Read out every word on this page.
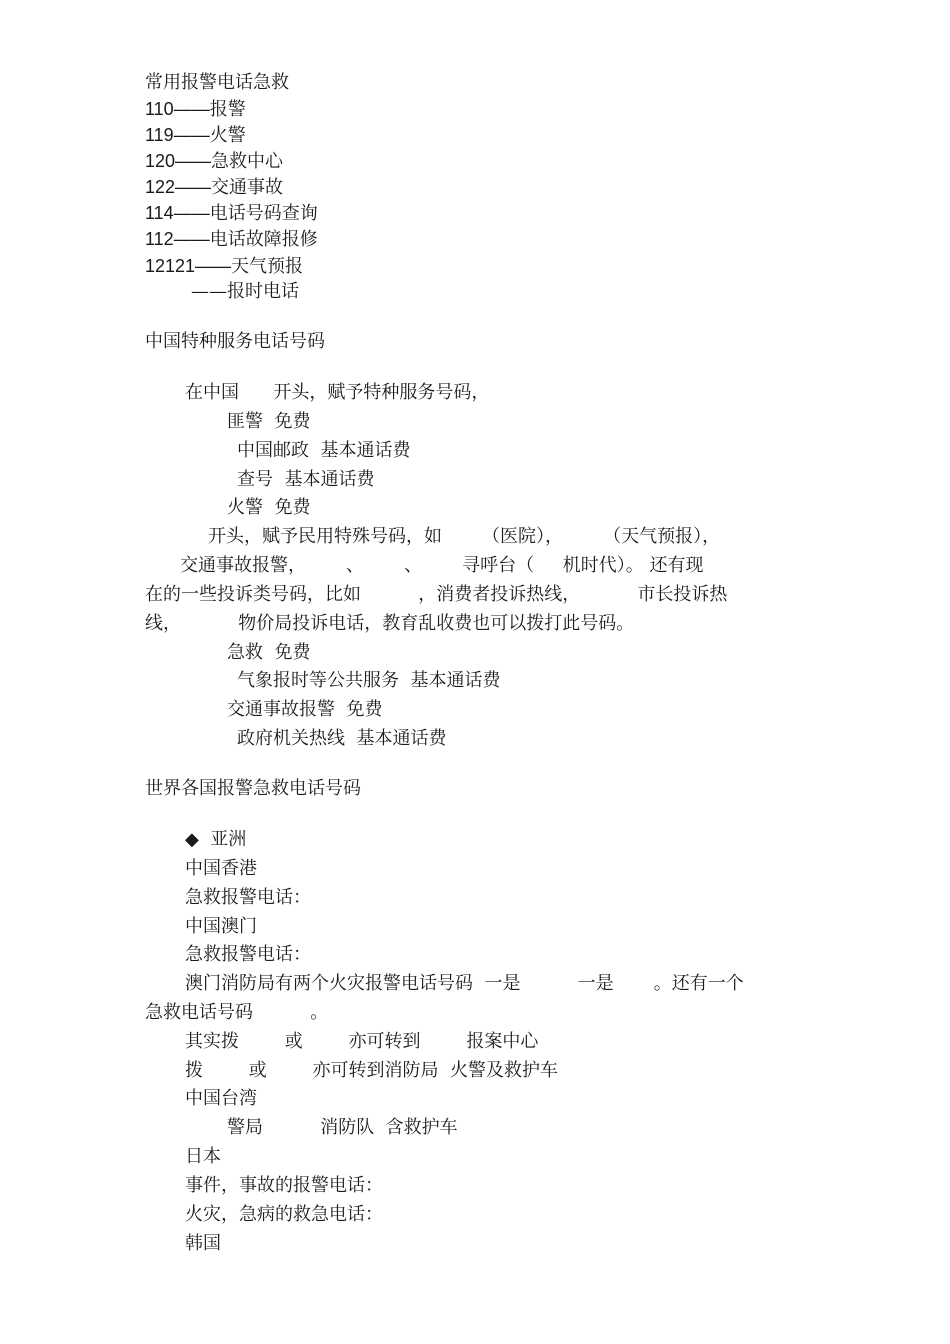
常用报警电话急救
110——报警
119——火警
120——急救中心
122——交通事故
114——电话号码查询
112——电话故障报修
12121——天气预报
——报时电话
中国特种服务电话号码
在中国      开头，赋予特种服务号码，
匪警  免费
中国邮政  基本通话费
查号  基本通话费
火警  免费
开头，赋予民用特殊号码，如       （医院），       （天气预报），
交通事故报警，       、       、       寻呼台（     机时代）。 还有现
在的一些投诉类号码，比如          ，消费者投诉热线，          市长投诉热
线，          物价局投诉电话，教育乱收费也可以拨打此号码。
急救  免费
气象报时等公共服务  基本通话费
交通事故报警  免费
政府机关热线  基本通话费
世界各国报警急救电话号码
◆  亚洲
中国香港
急救报警电话：
中国澳门
急救报警电话：
澳门消防局有两个火灾报警电话号码  一是          一是       。还有一个
急救电话号码          。
其实拨        或        亦可转到        报案中心
拨        或        亦可转到消防局  火警及救护车
中国台湾
警局          消防队  含救护车
日本
事件，事故的报警电话：
火灾，急病的救急电话：
韩国
